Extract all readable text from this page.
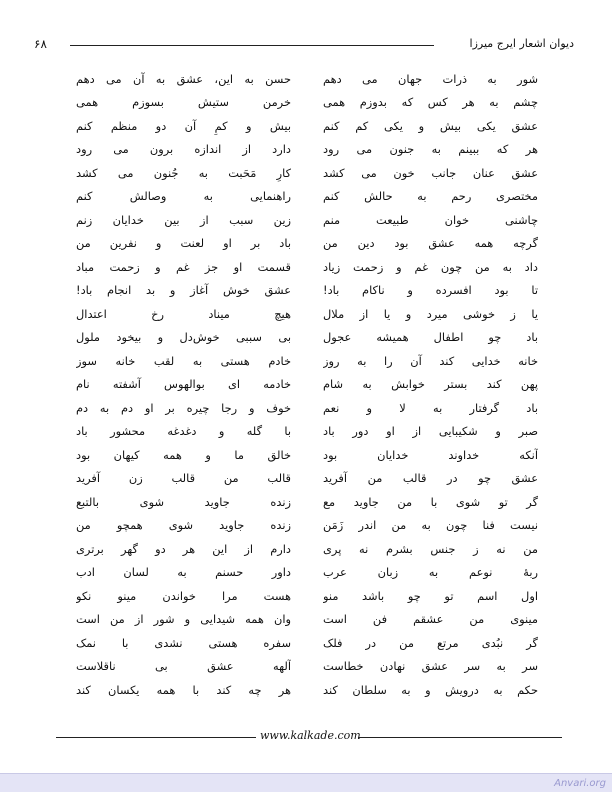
۶۸	دیوان اشعار ایرج میرزا
شور به ذرات جهان می دهم
چشم به هر کس که بدوزم همی
عشق یکی بیش و یکی کم کنم
هر که ببینم به جنون می رود
عشق عنان جانب خون می کشد
مختصری رحم به حالش کنم
چاشنی خوان طبیعت منم
گرچه همه عشق بود دین من
داد به من چون غم و زحمت زیاد
تا بود افسرده و ناکام باد!
یا ز خوشی میرد و یا از ملال
باد چو اطفال همیشه عجول
خانه خدایی کند آن را به روز
پهن کند بستر خوابش به شام
باد گرفتار به لا و نعم
صبر و شکیبایی از او دور باد
آنکه خداوند خدایان بود
عشق چو در قالب من آفرید
گر تو شوی با من جاوید مع
نیست فنا چون به من اندر زَمَن
من نه ز جنس بشرم نه پری
ربهٔ نوعم به زبان عرب
اول اسم تو چو باشد منو
مینوی من عشقم فن است
گر نبُدی مرتع من در فلک
سر به سر عشق نهادن خطاست
حکم به درویش و به سلطان کند
حسن به این، عشق به آن می دهم
خرمن ستیش بسوزم همی
بیش و کمِ آن دو منظم کنم
دارد از اندازه برون می رود
کارِ مَحَبت به جُنون می کشد
راهنمایی به وصالش کنم
زین سبب از بین خدایان زنم
باد بر او لعنت و نفرین من
قسمت او جز غم و زحمت مباد
عشق خوش آغاز و بد انجام باد!
هیچ میناد رخ اعتدال
بی سببی خوش‌دل و بیخود ملول
خادم هستی به لقب خانه سوز
خادمه ای بوالهوس آشفته نام
خوف و رجا چیره بر او دم به دم
با گله و دغدغه محشور باد
خالق ما و همه کیهان بود
قالب من قالب زن آفرید
زنده جاوید شوی بالتبع
زنده جاوید شوی همچو من
دارم از این هر دو گهر برتری
داور حسنم به لسان ادب
هست مرا خواندن مینو نکو
وان همه شیدایی و شور از من است
سفره هستی نشدی با نمک
آلهه عشق بی ناقلاست
هر چه کند با همه یکسان کند
www.kalkade.com
Anvari.org
